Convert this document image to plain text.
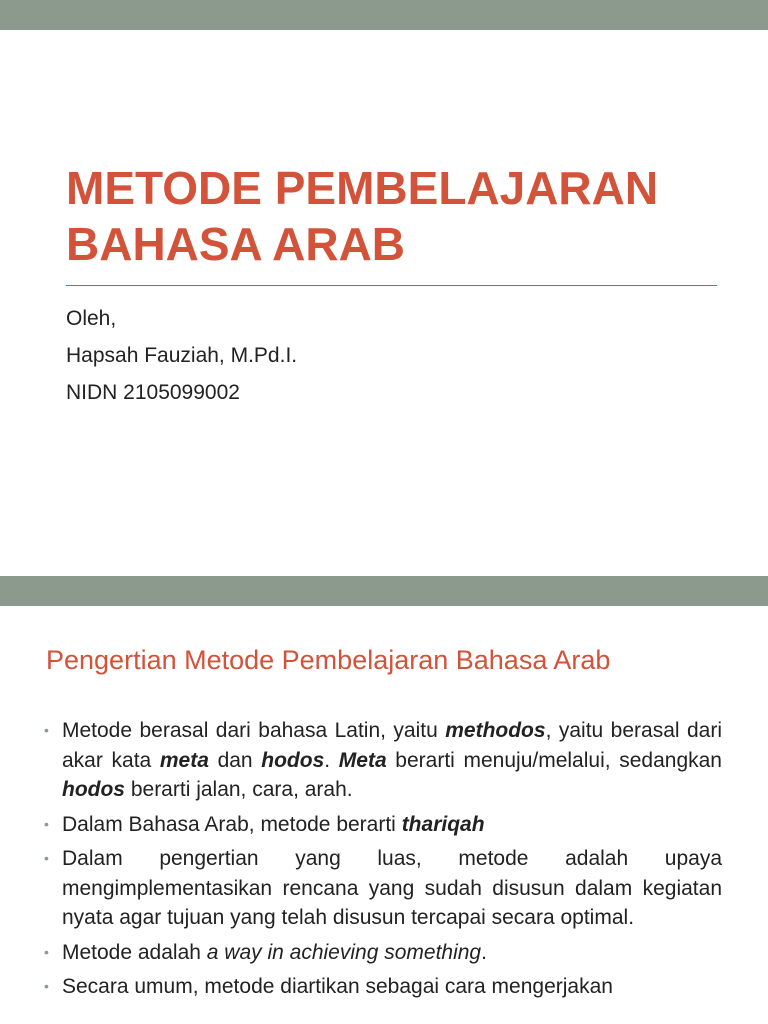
METODE PEMBELAJARAN
BAHASA ARAB
Oleh,
Hapsah Fauziah, M.Pd.I.
NIDN 2105099002
Pengertian Metode Pembelajaran Bahasa Arab
• Metode berasal dari bahasa Latin, yaitu methodos, yaitu berasal dari akar kata meta dan hodos. Meta berarti menuju/melalui, sedangkan hodos berarti jalan, cara, arah.
• Dalam Bahasa Arab, metode berarti thariqah
• Dalam pengertian yang luas, metode adalah upaya mengimplementasikan rencana yang sudah disusun dalam kegiatan nyata agar tujuan yang telah disusun tercapai secara optimal.
• Metode adalah a way in achieving something.
• Secara umum, metode diartikan sebagai cara mengerjakan
